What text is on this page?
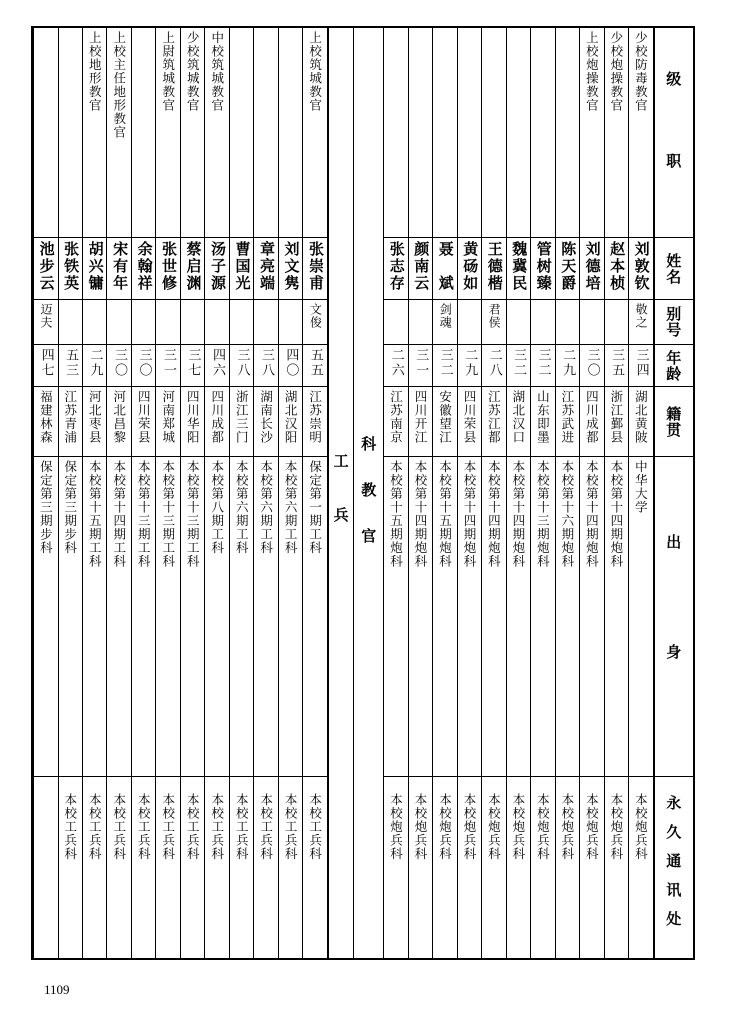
级　职
姓名
别号
年龄
籍贯
出　身
永久通讯处
少校防毒教官
刘敦钦
敬之
三四
湖北黄陂
中华大学
本校炮兵科
少校炮操教官
赵本桢
三五
浙江鄞县
本校第十四期炮科
本校炮兵科
上校炮操教官
刘德培
三〇
四川成都
本校第十四期炮科
本校炮兵科
陈天爵
二九
江苏武进
本校第十六期炮科
本校炮兵科
管树臻
三二
山东即墨
本校第十三期炮科
本校炮兵科
魏冀民
三二
湖北汉口
本校第十四期炮科
本校炮兵科
王德楷
君侯
二八
江苏江都
本校第十四期炮科
本校炮兵科
黄砀如
二九
四川荣县
本校第十四期炮科
本校炮兵科
聂　斌
剑魂
三二
安徽望江
本校第十五期炮科
本校炮兵科
颜南云
三一
四川开江
本校第十四期炮科
本校炮兵科
张志存
二六
江苏南京
本校第十五期炮科
本校炮兵科
科　教　官
工　兵
上校筑城教官
张崇甫
文俊
五五
江苏崇明
保定第一期工科
本校工兵科
刘文隽
四〇
湖北汉阳
本校第六期工科
本校工兵科
章亮端
三八
湖南长沙
本校第六期工科
本校工兵科
曹国光
三八
浙江三门
本校第六期工科
本校工兵科
中校筑城教官
汤子源
四六
四川成都
本校第八期工科
本校工兵科
少校筑城教官
蔡启渊
三七
四川华阳
本校第十三期工科
本校工兵科
上尉筑城教官
张世修
三一
河南郑城
本校第十三期工科
本校工兵科
余翰祥
三〇
四川荣县
本校第十三期工科
本校工兵科
上校主任地形教官
宋有年
三〇
河北昌黎
本校第十四期工科
本校工兵科
上校地形教官
胡兴镛
二九
河北枣县
本校第十五期工科
本校工兵科
张铁英
五三
江苏青浦
保定第三期步科
本校工兵科
池步云
迈夫
四七
福建林森
保定第三期步科
1109
